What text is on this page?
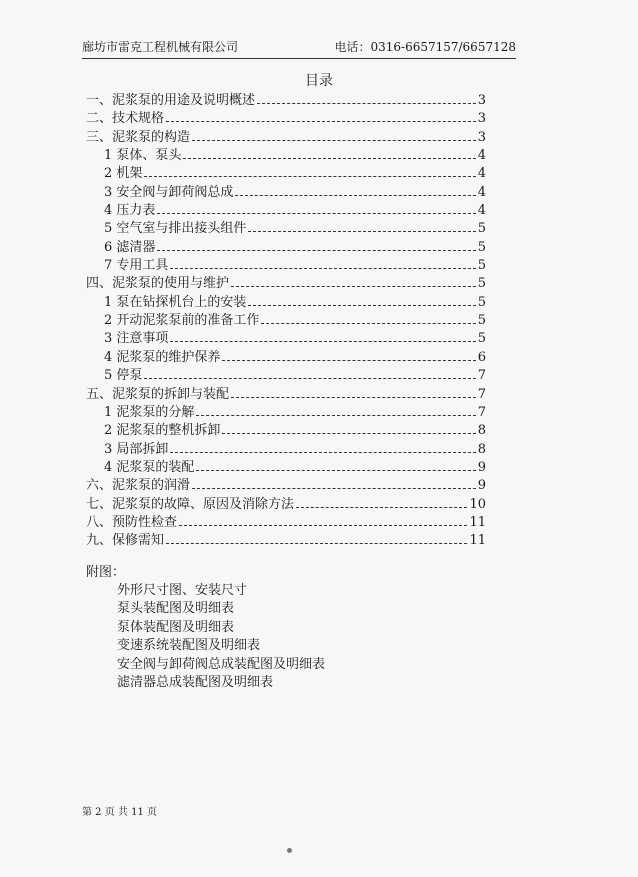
廊坊市雷克工程机械有限公司	电话：0316-6657157/6657128
目录
一、泥浆泵的用途及说明概述	3
二、技术规格	3
三、泥浆泵的构造	3
1 泵体、泵头	4
2 机架	4
3 安全阀与卸荷阀总成	4
4 压力表	4
5 空气室与排出接头组件	5
6 滤清器	5
7 专用工具	5
四、泥浆泵的使用与维护	5
1 泵在钻探机台上的安装	5
2 开动泥浆泵前的准备工作	5
3 注意事项	5
4 泥浆泵的维护保养	6
5 停泵	7
五、泥浆泵的拆卸与装配	7
1 泥浆泵的分解	7
2 泥浆泵的整机拆卸	8
3 局部拆卸	8
4 泥浆泵的装配	9
六、泥浆泵的润滑	9
七、泥浆泵的故障、原因及消除方法	10
八、预防性检查	11
九、保修需知	11
附图：
外形尺寸图、安装尺寸
泵头装配图及明细表
泵体装配图及明细表
变速系统装配图及明细表
安全阀与卸荷阀总成装配图及明细表
滤清器总成装配图及明细表
第 2 页 共 11 页
